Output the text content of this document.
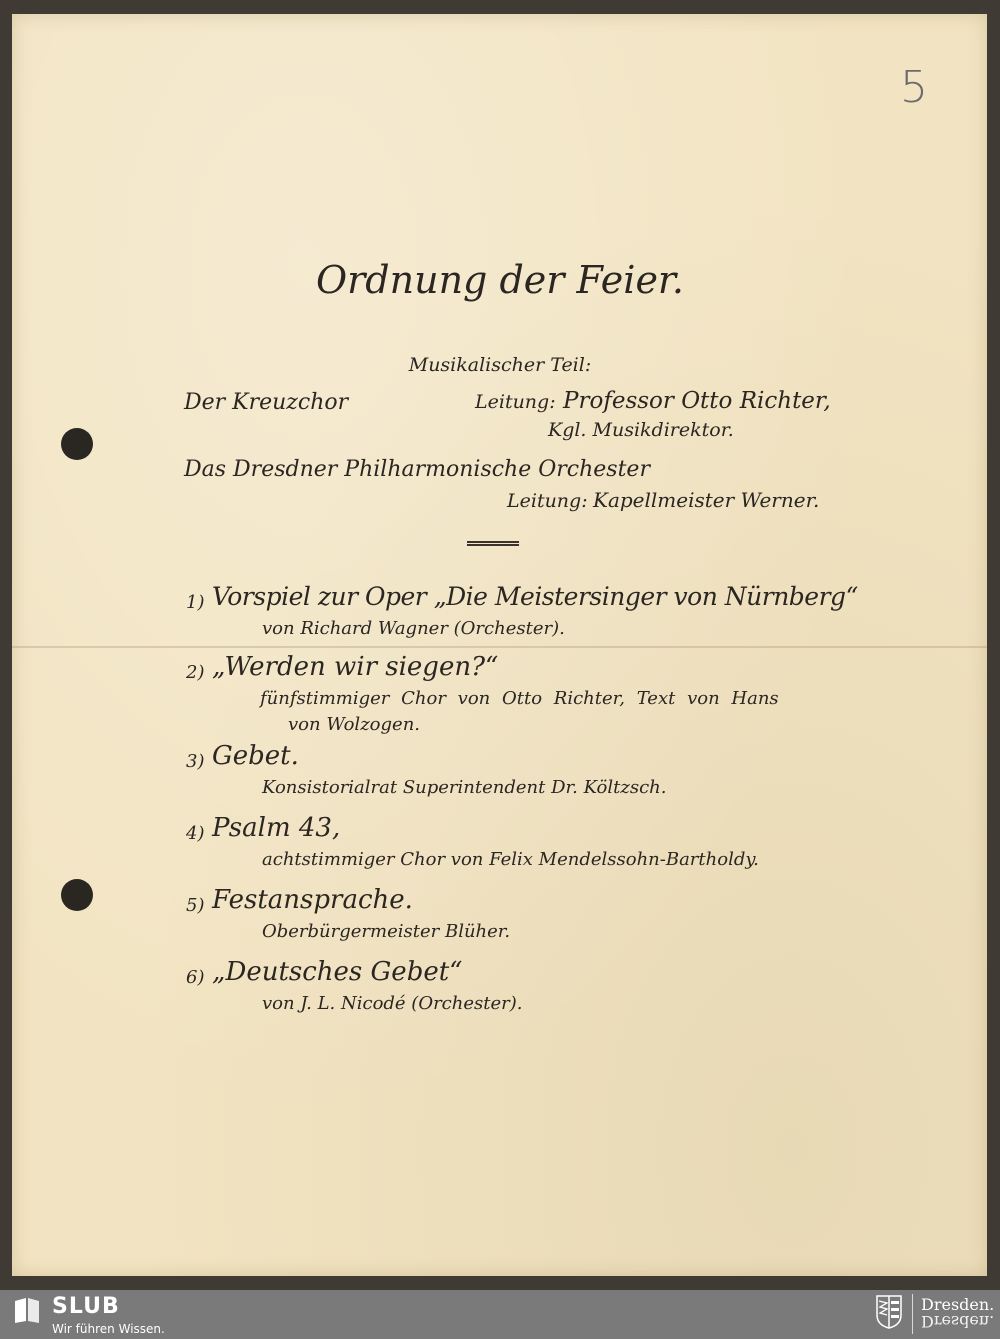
5
Ordnung der Feier.
Musikalischer Teil:
Der Kreuzchor	Leitung: Professor Otto Richter,
Kgl. Musikdirektor.
Das Dresdner Philharmonische Orchester
Leitung: Kapellmeister Werner.
1) Vorspiel zur Oper „Die Meistersinger von Nürnberg“
von Richard Wagner (Orchester).
2) „Werden wir siegen?“
fünfstimmiger Chor von Otto Richter, Text von Hans
von Wolzogen.
3) Gebet.
Konsistorialrat Superintendent Dr. Költzsch.
4) Psalm 43,
achtstimmiger Chor von Felix Mendelssohn-Bartholdy.
5) Festansprache.
Oberbürgermeister Blüher.
6) „Deutsches Gebet“
von J. L. Nicodé (Orchester).
SLUB
Wir führen Wissen.
Dresden.
Dresden.
